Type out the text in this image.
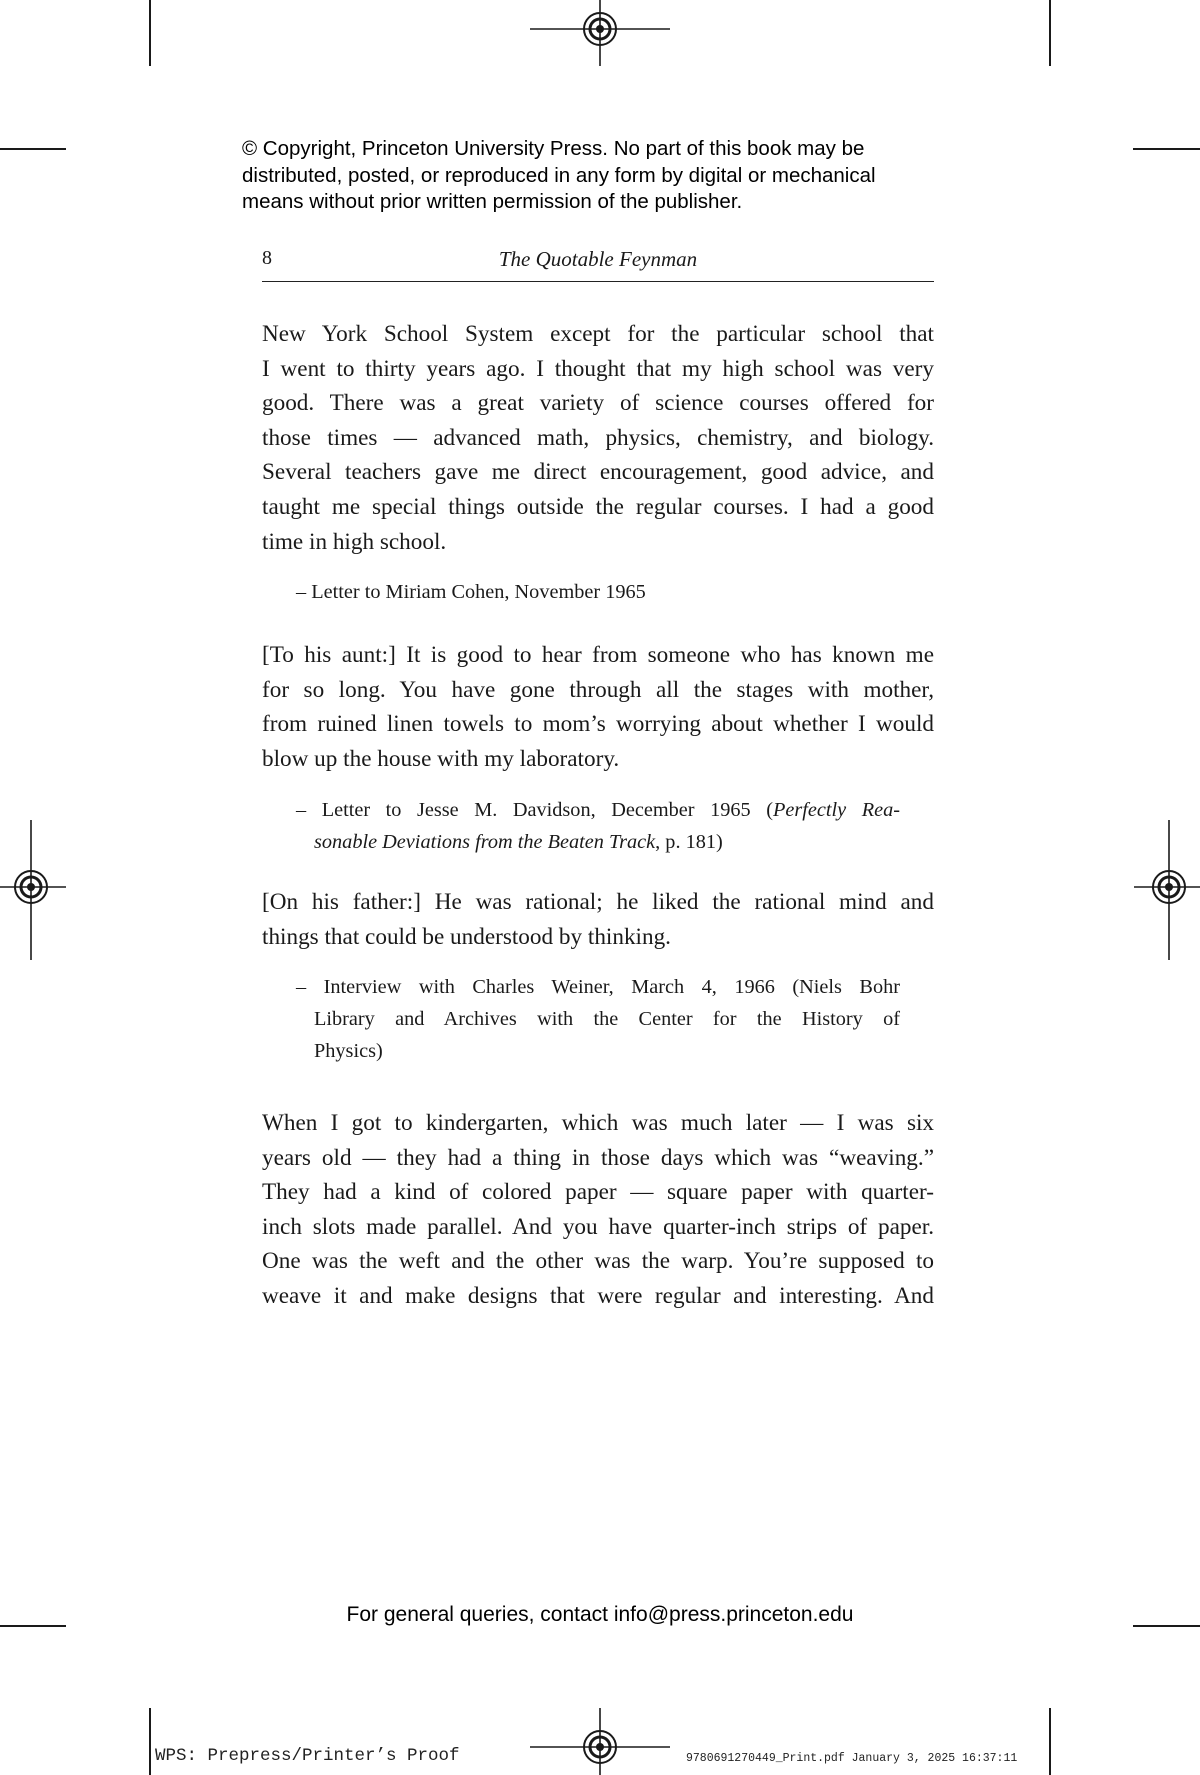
© Copyright, Princeton University Press. No part of this book may be
distributed, posted, or reproduced in any form by digital or mechanical
means without prior written permission of the publisher.
8	The Quotable Feynman
New York School System except for the particular school that
I went to thirty years ago. I thought that my high school was very
good. There was a great variety of science courses offered for
those times — advanced math, physics, chemistry, and biology.
Several teachers gave me direct encouragement, good advice, and
taught me special things outside the regular courses. I had a good
time in high school.
– Letter to Miriam Cohen, November 1965
[To his aunt:] It is good to hear from someone who has known me
for so long. You have gone through all the stages with mother,
from ruined linen towels to mom’s worrying about whether I would
blow up the house with my laboratory.
– Letter to Jesse M. Davidson, December 1965 (Perfectly Rea-
sonable Deviations from the Beaten Track, p. 181)
[On his father:] He was rational; he liked the rational mind and
things that could be understood by thinking.
– Interview with Charles Weiner, March 4, 1966 (Niels Bohr
Library and Archives with the Center for the History of
Physics)
When I got to kindergarten, which was much later — I was six
years old — they had a thing in those days which was “weaving.”
They had a kind of colored paper — square paper with quarter-
inch slots made parallel. And you have quarter-inch strips of paper.
One was the weft and the other was the warp. You’re supposed to
weave it and make designs that were regular and interesting. And
For general queries, contact info@press.princeton.edu
WPS: Prepress/Printer’s Proof	9780691270449_Print.pdf January 3, 2025 16:37:11
